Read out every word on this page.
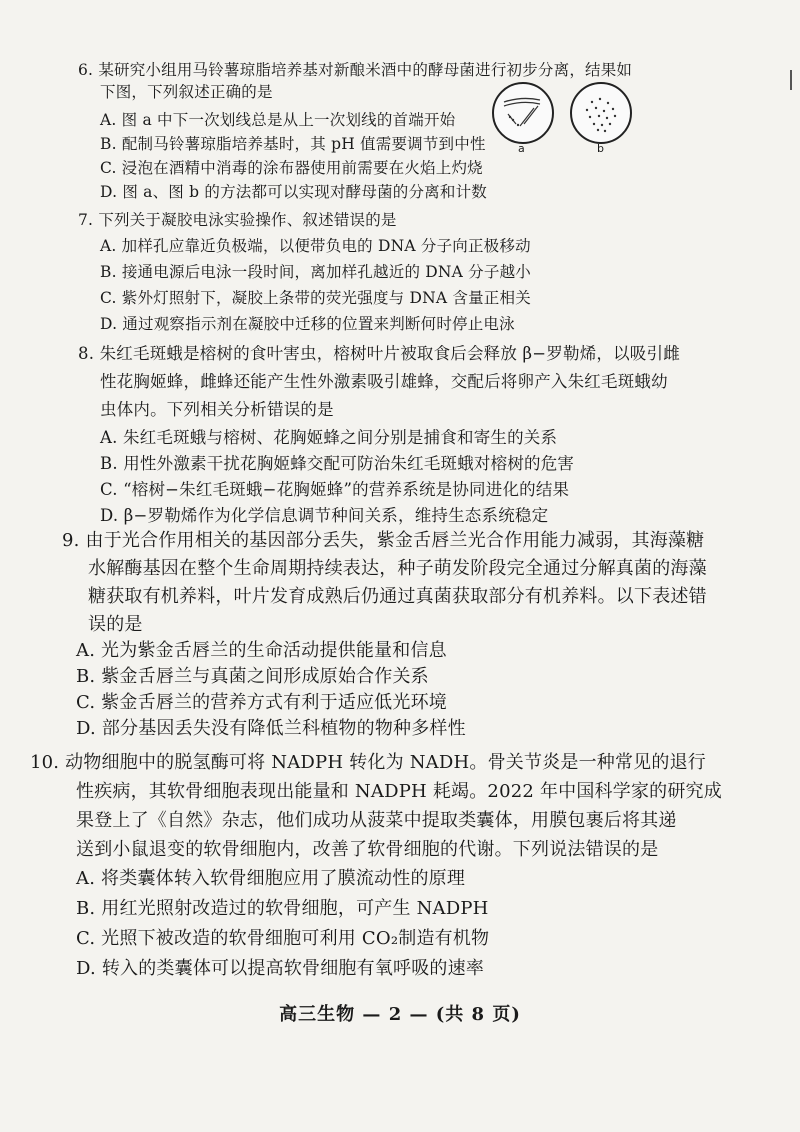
6. 某研究小组用马铃薯琼脂培养基对新酿米酒中的酵母菌进行初步分离，结果如
下图，下列叙述正确的是
A. 图 a 中下一次划线总是从上一次划线的首端开始
B. 配制马铃薯琼脂培养基时，其 pH 值需要调节到中性
C. 浸泡在酒精中消毒的涂布器使用前需要在火焰上灼烧
D. 图 a、图 b 的方法都可以实现对酵母菌的分离和计数
a	b
7. 下列关于凝胶电泳实验操作、叙述错误的是
A. 加样孔应靠近负极端，以便带负电的 DNA 分子向正极移动
B. 接通电源后电泳一段时间，离加样孔越近的 DNA 分子越小
C. 紫外灯照射下，凝胶上条带的荧光强度与 DNA 含量正相关
D. 通过观察指示剂在凝胶中迁移的位置来判断何时停止电泳
8. 朱红毛斑蛾是榕树的食叶害虫，榕树叶片被取食后会释放 β−罗勒烯，以吸引雌
性花胸姬蜂，雌蜂还能产生性外激素吸引雄蜂，交配后将卵产入朱红毛斑蛾幼
虫体内。下列相关分析错误的是
A. 朱红毛斑蛾与榕树、花胸姬蜂之间分别是捕食和寄生的关系
B. 用性外激素干扰花胸姬蜂交配可防治朱红毛斑蛾对榕树的危害
C. “榕树−朱红毛斑蛾−花胸姬蜂”的营养系统是协同进化的结果
D. β−罗勒烯作为化学信息调节种间关系，维持生态系统稳定
9. 由于光合作用相关的基因部分丢失，紫金舌唇兰光合作用能力减弱，其海藻糖
水解酶基因在整个生命周期持续表达，种子萌发阶段完全通过分解真菌的海藻
糖获取有机养料，叶片发育成熟后仍通过真菌获取部分有机养料。以下表述错
误的是
A. 光为紫金舌唇兰的生命活动提供能量和信息
B. 紫金舌唇兰与真菌之间形成原始合作关系
C. 紫金舌唇兰的营养方式有利于适应低光环境
D. 部分基因丢失没有降低兰科植物的物种多样性
10. 动物细胞中的脱氢酶可将 NADPH 转化为 NADH。骨关节炎是一种常见的退行
性疾病，其软骨细胞表现出能量和 NADPH 耗竭。2022 年中国科学家的研究成
果登上了《自然》杂志，他们成功从菠菜中提取类囊体，用膜包裹后将其递
送到小鼠退变的软骨细胞内，改善了软骨细胞的代谢。下列说法错误的是
A. 将类囊体转入软骨细胞应用了膜流动性的原理
B. 用红光照射改造过的软骨细胞，可产生 NADPH
C. 光照下被改造的软骨细胞可利用 CO₂制造有机物
D. 转入的类囊体可以提高软骨细胞有氧呼吸的速率
高三生物 — 2 — (共 8 页)
